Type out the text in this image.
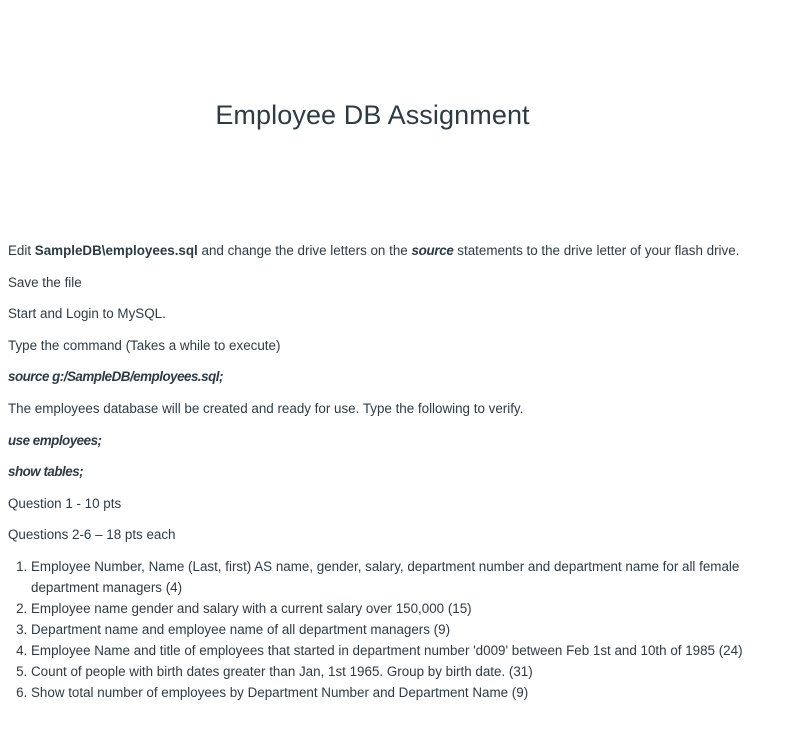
Employee DB Assignment

Edit SampleDB\employees.sql and change the drive letters on the source statements to the drive letter of your flash drive.

Save the file

Start and Login to MySQL.

Type the command (Takes a while to execute)

source g:/SampleDB/employees.sql;

The employees database will be created and ready for use. Type the following to verify.

use employees;

show tables;

Question 1 - 10 pts

Questions 2-6 – 18 pts each

1. Employee Number, Name (Last, first) AS name, gender, salary, department number and department name for all female department managers (4)
2. Employee name gender and salary with a current salary over 150,000 (15)
3. Department name and employee name of all department managers (9)
4. Employee Name and title of employees that started in department number 'd009' between Feb 1st and 10th of 1985 (24)
5. Count of people with birth dates greater than Jan, 1st 1965. Group by birth date. (31)
6. Show total number of employees by Department Number and Department Name (9)
